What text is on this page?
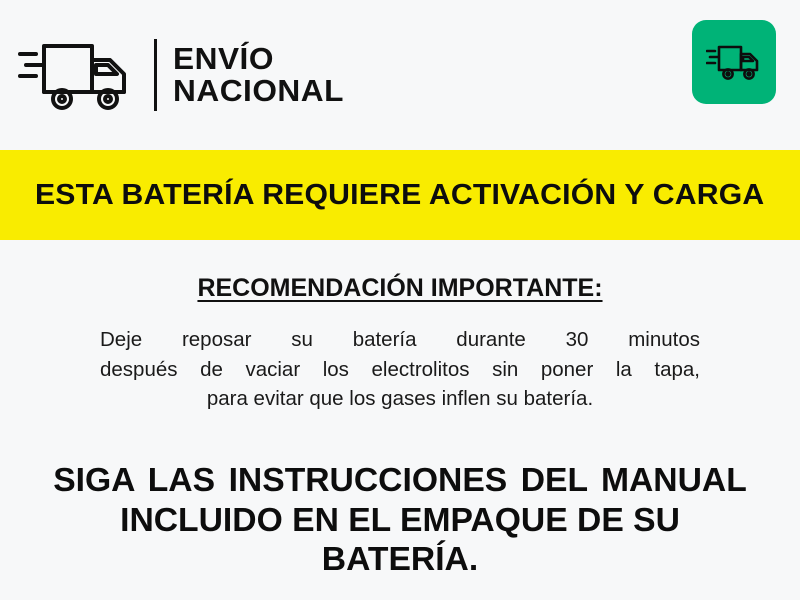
ENVÍO
NACIONAL
ESTA BATERÍA REQUIERE ACTIVACIÓN Y CARGA
RECOMENDACIÓN IMPORTANTE:
Deje reposar su batería durante 30 minutos
después de vaciar los electrolitos sin poner la tapa,
para evitar que los gases inflen su batería.
SIGA LAS INSTRUCCIONES DEL MANUAL
INCLUIDO EN EL EMPAQUE DE SU BATERÍA.
